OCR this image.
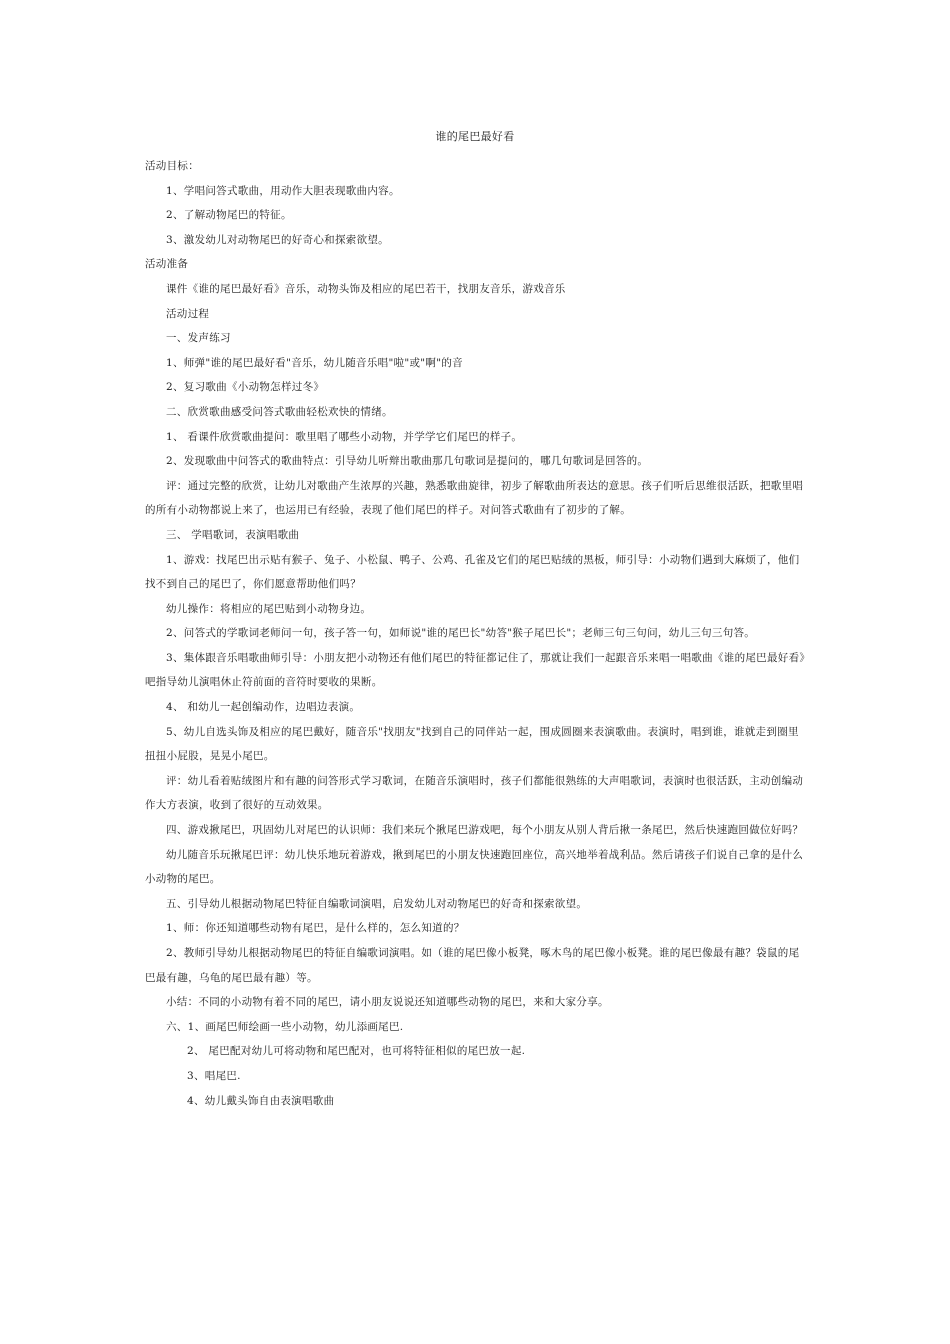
谁的尾巴最好看

活动目标：

1、学唱问答式歌曲，用动作大胆表现歌曲内容。

2、了解动物尾巴的特征。

3、激发幼儿对动物尾巴的好奇心和探索欲望。

活动准备

课件《谁的尾巴最好看》音乐，动物头饰及相应的尾巴若干，找朋友音乐，游戏音乐

活动过程

一、发声练习

1、师弹"谁的尾巴最好看"音乐，幼儿随音乐唱"啦"或"啊"的音

2、复习歌曲《小动物怎样过冬》

二、欣赏歌曲感受问答式歌曲轻松欢快的情绪。

1、 看课件欣赏歌曲提问：歌里唱了哪些小动物，并学学它们尾巴的样子。

2、发现歌曲中问答式的歌曲特点：引导幼儿听辩出歌曲那几句歌词是提问的，哪几句歌词是回答的。

评：通过完整的欣赏，让幼儿对歌曲产生浓厚的兴趣，熟悉歌曲旋律，初步了解歌曲所表达的意思。孩子们听后思维很活跃，把歌里唱的所有小动物都说上来了，也运用已有经验，表现了他们尾巴的样子。对问答式歌曲有了初步的了解。

三、 学唱歌词，表演唱歌曲

1、游戏：找尾巴出示贴有猴子、兔子、小松鼠、鸭子、公鸡、孔雀及它们的尾巴贴绒的黑板，师引导：小动物们遇到大麻烦了，他们找不到自己的尾巴了，你们愿意帮助他们吗？

幼儿操作：将相应的尾巴贴到小动物身边。

2、问答式的学歌词老师问一句，孩子答一句，如师说"谁的尾巴长"幼答"猴子尾巴长"；老师三句三句问，幼儿三句三句答。

3、集体跟音乐唱歌曲师引导：小朋友把小动物还有他们尾巴的特征都记住了，那就让我们一起跟音乐来唱一唱歌曲《谁的尾巴最好看》吧指导幼儿演唱休止符前面的音符时要收的果断。

4、 和幼儿一起创编动作，边唱边表演。

5、幼儿自选头饰及相应的尾巴戴好，随音乐"找朋友"找到自己的同伴站一起，围成圆圈来表演歌曲。表演时，唱到谁，谁就走到圈里扭扭小屁股，晃晃小尾巴。

评：幼儿看着贴绒图片和有趣的问答形式学习歌词，在随音乐演唱时，孩子们都能很熟练的大声唱歌词，表演时也很活跃，主动创编动作大方表演，收到了很好的互动效果。

四、游戏揪尾巴，巩固幼儿对尾巴的认识师：我们来玩个揪尾巴游戏吧，每个小朋友从别人背后揪一条尾巴，然后快速跑回做位好吗？

幼儿随音乐玩揪尾巴评：幼儿快乐地玩着游戏，揪到尾巴的小朋友快速跑回座位，高兴地举着战利品。然后请孩子们说自己拿的是什么小动物的尾巴。

五、引导幼儿根据动物尾巴特征自编歌词演唱，启发幼儿对动物尾巴的好奇和探索欲望。

1、师：你还知道哪些动物有尾巴，是什么样的，怎么知道的？

2、教师引导幼儿根据动物尾巴的特征自编歌词演唱。如（谁的尾巴像小板凳，啄木鸟的尾巴像小板凳。谁的尾巴像最有趣？袋鼠的尾巴最有趣，乌龟的尾巴最有趣）等。

小结：不同的小动物有着不同的尾巴，请小朋友说说还知道哪些动物的尾巴，来和大家分享。

六、1、画尾巴师绘画一些小动物，幼儿添画尾巴.

2、 尾巴配对幼儿可将动物和尾巴配对，也可将特征相似的尾巴放一起.

3、唱尾巴.

4、幼儿戴头饰自由表演唱歌曲
